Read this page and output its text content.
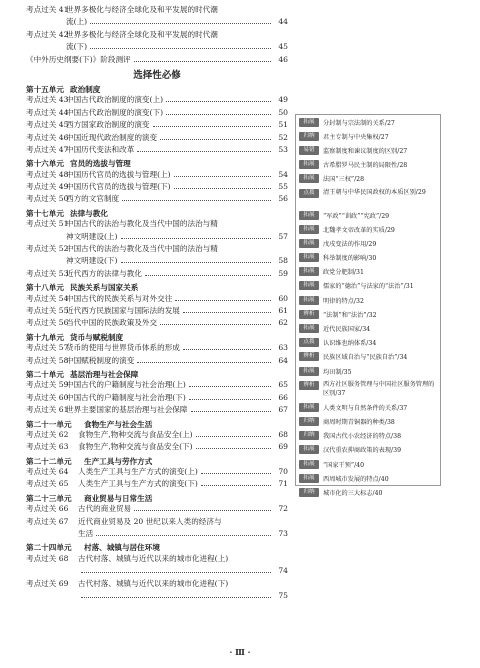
考点过关 41
世界多极化与经济全球化及和平发展的时代潮
流(上)	44
考点过关 42
世界多极化与经济全球化及和平发展的时代潮
流(下)	45
《中外历史纲要(下)》阶段测评	46
选择性必修
第十五单元 政治制度
考点过关 43
中国古代政治制度的演变(上)	49
考点过关 44
中国古代政治制度的演变(下)	50
考点过关 45
西方国家政治制度的演变	51
考点过关 46
中国近现代政治制度的演变	52
考点过关 47
中国历代变法和改革	53
第十六单元 官员的选拔与管理
考点过关 48
中国历代官员的选拔与管理(上)	54
考点过关 49
中国历代官员的选拔与管理(下)	55
考点过关 50
西方的文官制度	56
第十七单元 法律与教化
考点过关 51
中国古代的法治与教化及当代中国的法治与精
神文明建设(上)	57
考点过关 52
中国古代的法治与教化及当代中国的法治与精
神文明建设(下)	58
考点过关 53
近代西方的法律与教化	59
第十八单元 民族关系与国家关系
考点过关 54
中国古代的民族关系与对外交往	60
考点过关 55
近代西方民族国家与国际法的发展	61
考点过关 56
当代中国的民族政策及外交	62
第十九单元 货币与赋税制度
考点过关 57
货币的使用与世界货币体系的形成	63
考点过关 58
中国赋税制度的演变	64
第二十单元 基层治理与社会保障
考点过关 59
中国古代的户籍制度与社会治理(上)	65
考点过关 60
中国古代的户籍制度与社会治理(下)	66
考点过关 61
世界主要国家的基层治理与社会保障	67
第二十一单元 食物生产与社会生活
考点过关 62	食物生产,物种交流与食品安全(上)	68
考点过关 63	食物生产,物种交流与食品安全(下)	69
第二十二单元 生产工具与劳作方式
考点过关 64	人类生产工具与生产方式的演变(上)	70
考点过关 65	人类生产工具与生产方式的演变(下)	71
第二十三单元 商业贸易与日常生活
考点过关 66	古代的商业贸易	72
考点过关 67	近代商业贸易及 20 世纪以来人类的经济与
生活	73
第二十四单元 村落、城镇与居住环境
考点过关 68	古代村落、城镇与近代以来的城市化进程(上)
74
考点过关 69	古代村落、城镇与近代以来的城市化进程(下)
75
拓展	分封制与宗法制的关系/27
归纳	君主专制与中央集权/27
易错	监察制度和谏议制度的区别/27
拓展	古希腊罗马民主制的局限性/28
拓展	法国“三权”/28
点拨	清王朝与中华民国政权的本质区别/29
拓展	“军政”“训政”“宪政”/29
拓展	北魏孝文帝改革的实质/29
拓展	戊戌变法的作用/29
拓展	科举制度的影响/30
拓展	政党分肥制/31
拓展	儒家的“德治”与法家的“法治”/31
拓展	明律的特点/32
辨析	“法制”和“法治”/32
拓展	近代民族国家/34
点拨	认识维也纳体系/34
辨析	民族区域自治与“民族自治”/34
拓展	均田制/35
辨析	西方社区服务管理与中国社区服务管理的区别/37
拓展	人类文明与自然条件的关系/37
归纳	商周时期青铜器的种类/38
归纳	我国古代小农经济的特点/38
拓展	汉代重农抑商政策的表现/39
拓展	“国家干预”/40
拓展	西周城市发展的特点/40
归纳	城市化的三大标志/40
· Ⅲ ·
